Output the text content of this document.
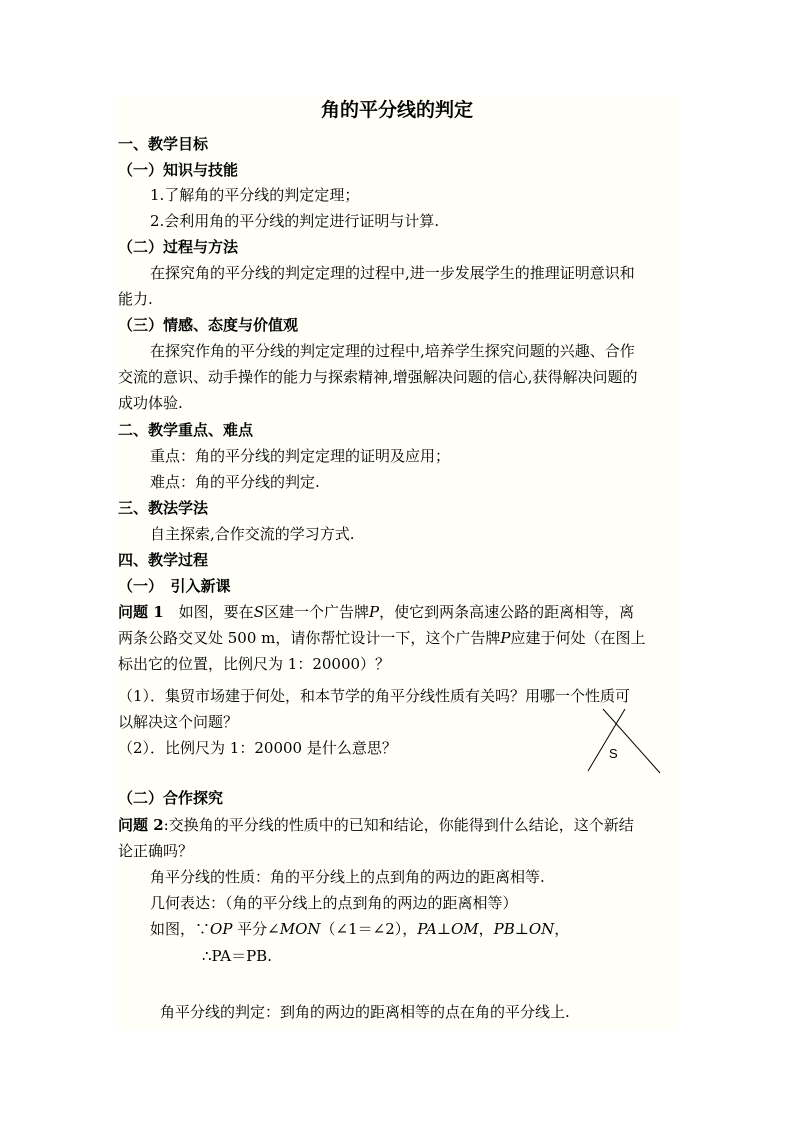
角的平分线的判定
一、教学目标
（一）知识与技能
1.了解角的平分线的判定定理；
2.会利用角的平分线的判定进行证明与计算.
（二）过程与方法
在探究角的平分线的判定定理的过程中,进一步发展学生的推理证明意识和
能力.
（三）情感、态度与价值观
在探究作角的平分线的判定定理的过程中,培养学生探究问题的兴趣、合作
交流的意识、动手操作的能力与探索精神,增强解决问题的信心,获得解决问题的
成功体验.
二、教学重点、难点
重点：角的平分线的判定定理的证明及应用；
难点：角的平分线的判定.
三、教法学法
自主探索,合作交流的学习方式.
四、教学过程
（一）　引入新课
问题 1　如图，要在S区建一个广告牌P，使它到两条高速公路的距离相等，离
两条公路交叉处 500 m，请你帮忙设计一下，这个广告牌P应建于何处（在图上
标出它的位置，比例尺为 1：20000）？
（1）．集贸市场建于何处，和本节学的角平分线性质有关吗？用哪一个性质可
以解决这个问题？
（2）．比例尺为 1：20000 是什么意思？	S
（二）合作探究
问题 2:交换角的平分线的性质中的已知和结论，你能得到什么结论，这个新结
论正确吗？
角平分线的性质：角的平分线上的点到角的两边的距离相等.
几何表达：（角的平分线上的点到角的两边的距离相等）
如图，∵OP 平分∠MON（∠1＝∠2），PA⊥OM，PB⊥ON，
∴PA＝PB.
角平分线的判定：到角的两边的距离相等的点在角的平分线上.
